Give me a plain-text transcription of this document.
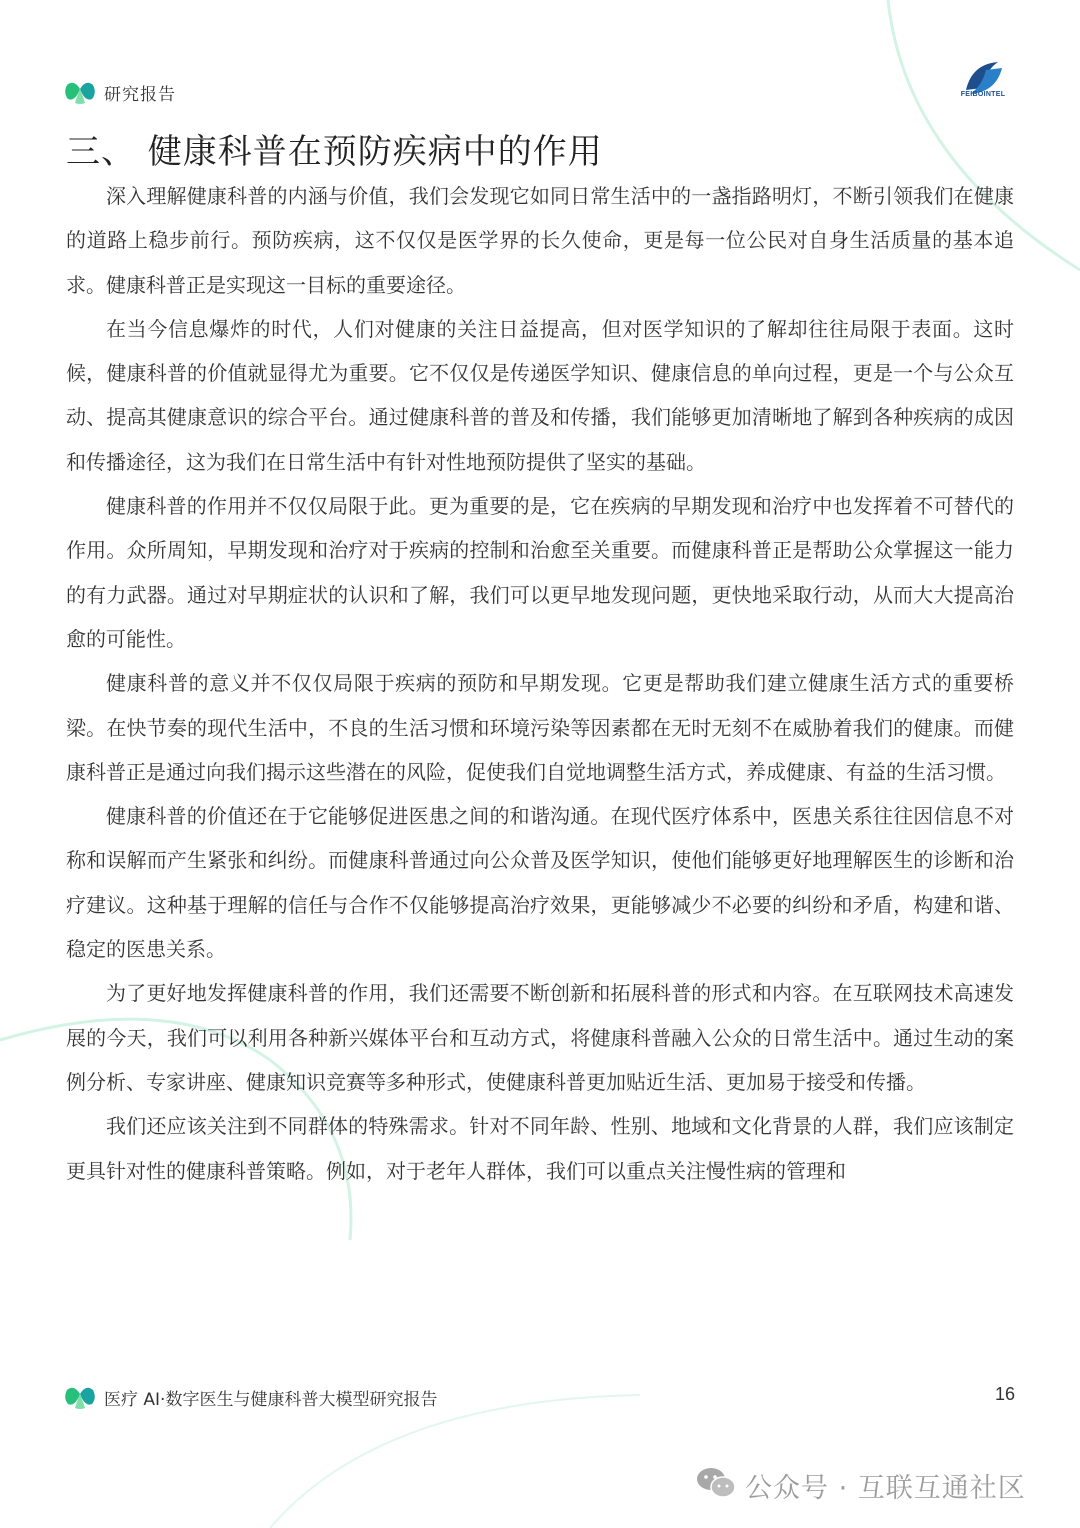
研究报告	FEIBOINTEL
三、 健康科普在预防疾病中的作用

深入理解健康科普的内涵与价值，我们会发现它如同日常生活中的一盏指路明灯，不断引领我们在健康的道路上稳步前行。预防疾病，这不仅仅是医学界的长久使命，更是每一位公民对自身生活质量的基本追求。健康科普正是实现这一目标的重要途径。

在当今信息爆炸的时代，人们对健康的关注日益提高，但对医学知识的了解却往往局限于表面。这时候，健康科普的价值就显得尤为重要。它不仅仅是传递医学知识、健康信息的单向过程，更是一个与公众互动、提高其健康意识的综合平台。通过健康科普的普及和传播，我们能够更加清晰地了解到各种疾病的成因和传播途径，这为我们在日常生活中有针对性地预防提供了坚实的基础。

健康科普的作用并不仅仅局限于此。更为重要的是，它在疾病的早期发现和治疗中也发挥着不可替代的作用。众所周知，早期发现和治疗对于疾病的控制和治愈至关重要。而健康科普正是帮助公众掌握这一能力的有力武器。通过对早期症状的认识和了解，我们可以更早地发现问题，更快地采取行动，从而大大提高治愈的可能性。

健康科普的意义并不仅仅局限于疾病的预防和早期发现。它更是帮助我们建立健康生活方式的重要桥梁。在快节奏的现代生活中，不良的生活习惯和环境污染等因素都在无时无刻不在威胁着我们的健康。而健康科普正是通过向我们揭示这些潜在的风险，促使我们自觉地调整生活方式，养成健康、有益的生活习惯。

健康科普的价值还在于它能够促进医患之间的和谐沟通。在现代医疗体系中，医患关系往往因信息不对称和误解而产生紧张和纠纷。而健康科普通过向公众普及医学知识，使他们能够更好地理解医生的诊断和治疗建议。这种基于理解的信任与合作不仅能够提高治疗效果，更能够减少不必要的纠纷和矛盾，构建和谐、稳定的医患关系。

为了更好地发挥健康科普的作用，我们还需要不断创新和拓展科普的形式和内容。在互联网技术高速发展的今天，我们可以利用各种新兴媒体平台和互动方式，将健康科普融入公众的日常生活中。通过生动的案例分析、专家讲座、健康知识竞赛等多种形式，使健康科普更加贴近生活、更加易于接受和传播。

我们还应该关注到不同群体的特殊需求。针对不同年龄、性别、地域和文化背景的人群，我们应该制定更具针对性的健康科普策略。例如，对于老年人群体，我们可以重点关注慢性病的管理和

医疗 AI·数字医生与健康科普大模型研究报告	16
公众号 · 互联互通社区
